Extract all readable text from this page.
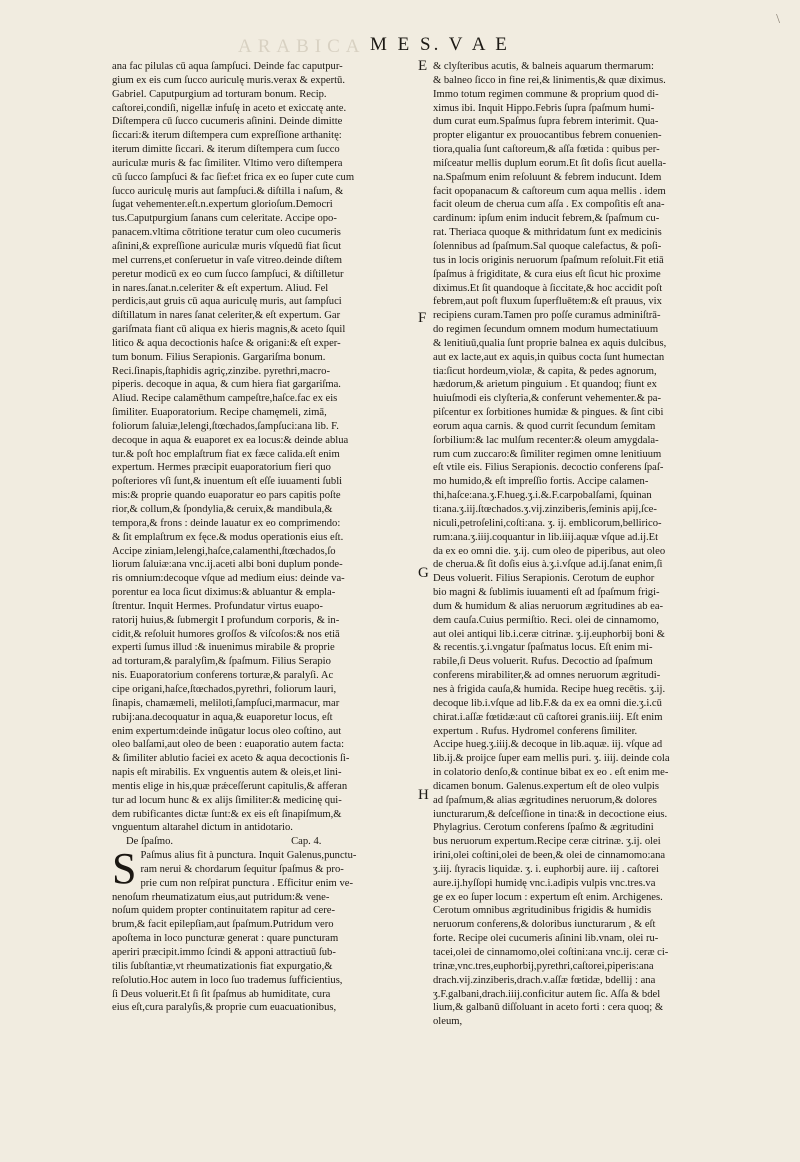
ARABICA M E S. V A E
\
ana fac pilulas cū aqua ſampſuci. Deinde fac caputpur-
gium ex eis cum ſucco auriculę muris.verax & expertū.
Gabriel. Caputpurgium ad torturam bonum. Recip.
caſtorei,condiſi, nigellæ infuſę in aceto et exiccatę ante.
Diſtempera cū ſucco cucumeris aſinini. Deinde dimitte
ſiccari:& iterum diſtempera cum expreſſione arthanitę:
iterum dimitte ſiccari. & iterum diſtempera cum ſucco
auriculæ muris & fac ſimiliter. Vltimo vero diſtempera
cū ſucco ſampſuci & fac ſief:et frica ex eo ſuper cute cum
ſucco auriculę muris aut ſampſuci.& diſtilla i naſum, &
ſugat vehementer.eſt.n.expertum glorioſum.Democri
tus.Caputpurgium ſanans cum celeritate. Accipe opo-
panacem.vltima cōtritione teratur cum oleo cucumeris
aſinini,& expreſſione auriculæ muris vſquedū fiat ſicut
mel currens,et conſeruetur in vaſe vitreo.deinde diſtem
peretur modicū ex eo cum ſucco ſampſuci, & diſtilletur
in nares.ſanat.n.celeriter & eſt expertum. Aliud. Fel
perdicis,aut gruis cū aqua auriculę muris, aut ſampſuci
diſtillatum in nares ſanat celeriter,& eſt expertum. Gar
gariſmata fiant cū aliqua ex hieris magnis,& aceto ſquil
litico & aqua decoctionis haſce & origani:& eſt exper-
tum bonum. Filius Serapionis. Gargariſma bonum.
Reci.ſinapis,ſtaphidis agriç,zinzibe. pyrethri,macro-
piperis. decoque in aqua, & cum hiera fiat gargariſma.
Aliud. Recipe calamēthum campeſtre,haſce.fac ex eis
ſimiliter. Euaporatorium. Recipe chamęmeli, zimā,
foliorum ſaluiæ,lelengi,ſtœchados,ſampſuci:ana lib. F.
decoque in aqua & euaporet ex ea locus:& deinde ablua
tur.& poſt hoc emplaſtrum fiat ex fæce calida.eſt enim
expertum. Hermes præcipit euaporatorium fieri quo
poſteriores vſi ſunt,& inuentum eſt eſſe iuuamenti ſubli
mis:& proprie quando euaporatur eo pars capitis poſte
rior,& collum,& ſpondylia,& ceruix,& mandibula,&
tempora,& frons : deinde lauatur ex eo comprimendo:
& ſit emplaſtrum ex fęce.& modus operationis eius eſt.
Accipe ziniam,lelengi,haſce,calamenthi,ſtœchados,ſo
liorum ſaluiæ:ana vnc.ij.aceti albi boni duplum ponde-
ris omnium:decoque vſque ad medium eius: deinde va-
porentur ea loca ſicut diximus:& abluantur & empla-
ſtrentur. Inquit Hermes. Profundatur virtus euapo-
ratorij huius,& ſubmergit I profundum corporis, & in-
cidit,& reſoluit humores groſſos & viſcoſos:& nos etiā
experti ſumus illud :& inuenimus mirabile & proprie
ad torturam,& paralyſim,& ſpaſmum. Filius Serapio
nis. Euaporatorium conferens torturæ,& paralyſi. Ac
cipe origani,haſce,ſtœchados,pyrethri, foliorum lauri,
ſinapis, chamæmeli, meliloti,ſampſuci,marmacur, mar
rubij:ana.decoquatur in aqua,& euaporetur locus, eſt
enim expertum:deinde inūgatur locus oleo coſtino, aut
oleo balſami,aut oleo de been : euaporatio autem facta:
& ſimiliter ablutio faciei ex aceto & aqua decoctionis ſi-
napis eſt mirabilis. Ex vnguentis autem & oleis,et lini-
mentis elige in his,quæ prǽceſſerunt capitulis,& afferan
tur ad locum hunc & ex alijs ſimiliter:& medicinę qui-
dem rubificantes dictæ ſunt:& ex eis eſt ſinapiſmum,&
vnguentum altarahel dictum in antidotario.
De ſpaſmo.	Cap. 4.
S Paſmus alius fit à punctura. Inquit Galenus,punctu-
ram nerui & chordarum ſequitur ſpaſmus & pro-
prie cum non reſpirat punctura . Efficitur enim ve-
nenoſum rheumatizatum eius,aut putridum:& vene-
noſum quidem propter continuitatem rapitur ad cere-
brum,& facit epilepſiam,aut ſpaſmum.Putridum vero
apoſtema in loco puncturæ generat : quare puncturam
aperiri præcipit.immo ſcindi & apponi attractiuū ſub-
tilis ſubſtantiæ,vt rheumatizationis fiat expurgatio,&
reſolutio.Hoc autem in loco ſuo trademus ſufficientius,
ſi Deus voluerit.Et ſi ſit ſpaſmus ab humiditate, cura
eius eſt,cura paralyſis,& proprie cum euacuationibus,
& clyſteribus acutis, & balneis aquarum thermarum:
& balneo ſicco in fine rei,& linimentis,& quæ diximus.
Immo totum regimen commune & proprium quod di-
ximus ibi. Inquit Hippo.Febris ſupra ſpaſmum humi-
dum curat eum.Spaſmus ſupra febrem interimit. Qua-
propter eligantur ex prouocantibus febrem conuenien-
tiora,qualia ſunt caſtoreum,& aſſa fœtida : quibus per-
miſceatur mellis duplum eorum.Et ſit doſis ſicut auella-
na.Spaſmum enim reſoluunt & febrem inducunt. Idem
facit opopanacum & caſtoreum cum aqua mellis . idem
facit oleum de cherua cum aſſa . Ex compoſitis eſt ana-
cardinum: ipſum enim inducit febrem,& ſpaſmum cu-
rat. Theriaca quoque & mithridatum ſunt ex medicinis
ſolennibus ad ſpaſmum.Sal quoque calefactus, & poſi-
tus in locis originis neruorum ſpaſmum reſoluit.Fit etiā
ſpaſmus à frigiditate, & cura eius eſt ſicut hic proxime
diximus.Et ſit quandoque à ſiccitate,& hoc accidit poſt
febrem,aut poſt fluxum ſuperfluētem:& eſt prauus, vix
recipiens curam.Tamen pro poſſe curamus adminiſtrā-
do regimen ſecundum omnem modum humectatiuum
& lenitiuū,qualia ſunt proprie balnea ex aquis dulcibus,
aut ex lacte,aut ex aquis,in quibus cocta ſunt humectan
tia:ſicut hordeum,violæ, & capita, & pedes agnorum,
hædorum,& arietum pinguium . Et quandoq; fiunt ex
huiuſmodi eis clyſteria,& conferunt vehementer.& pa-
piſcentur ex ſorbitiones humidæ & pingues. & ſint cibi
eorum aqua carnis. & quod currit ſecundum ſemitam
ſorbilium:& lac mulſum recenter:& oleum amygdala-
rum cum zuccaro:& ſimiliter regimen omne lenitiuum
eſt vtile eis. Filius Serapionis. decoctio conferens ſpaſ-
mo humido,& eſt impreſſio fortis. Accipe calamen-
thi,haſce:ana.ʒ.F.hueg.ʒ.i.&.F.carpobalſami, ſquinan
ti:ana.ʒ.iij.ſtœchados.ʒ.vij.zinziberis,ſeminis apij,ſce-
niculi,petroſelini,coſti:ana. ʒ. ij. emblicorum,bellirico-
rum:ana.ʒ.iiij.coquantur in lib.iiij.aquæ vſque ad.ij.Et
da ex eo omni die. ʒ.ij. cum oleo de piperibus, aut oleo
de cherua.& ſit doſis eius à.ʒ.i.vſque ad.ij.ſanat enim,ſi
Deus voluerit. Filius Serapionis. Cerotum de euphor
bio magni & ſublimis iuuamenti eſt ad ſpaſmum frigi-
dum & humidum & alias neruorum ægritudines ab ea-
dem cauſa.Cuius permiſtio. Reci. olei de cinnamomo,
aut olei antiqui lib.i.ceræ citrinæ. ʒ.ij.euphorbij boni &
& recentis.ʒ.i.vngatur ſpaſmatus locus. Eſt enim mi-
rabile,ſi Deus voluerit. Rufus. Decoctio ad ſpaſmum
conferens mirabiliter,& ad omnes neruorum ægritudi-
nes à frigida cauſa,& humida. Recipe hueg recētis. ʒ.ij.
decoque lib.i.vſque ad lib.F.& da ex ea omni die.ʒ.i.cū
chirat.i.aſſæ fœtidæ:aut cū caſtorei granis.iiij. Eſt enim
expertum . Rufus. Hydromel conferens ſimiliter.
Accipe hueg.ʒ.iiij.& decoque in lib.aquæ. iij. vſque ad
lib.ij.& proijce ſuper eam mellis puri. ʒ. iiij. deinde cola
in colatorio denſo,& continue bibat ex eo . eſt enim me-
dicamen bonum. Galenus.expertum eſt de oleo vulpis
ad ſpaſmum,& alias ægritudines neruorum,& dolores
iuncturarum,& deſceſſione in tina:& in decoctione eius.
Phylagrius. Cerotum conferens ſpaſmo & ægritudini
bus neruorum expertum.Recipe ceræ citrinæ. ʒ.ij. olei
irini,olei coſtini,olei de been,& olei de cinnamomo:ana
ʒ.iij. ſtyracis liquidæ. ʒ. i. euphorbij aure. iij . caſtorei
aure.ij.hyſſopi humidę vnc.i.adipis vulpis vnc.tres.va
ge ex eo ſuper locum : expertum eſt enim. Archigenes.
Cerotum omnibus ægritudinibus frigidis & humidis
neruorum conferens,& doloribus iuncturarum , & eſt
forte. Recipe olei cucumeris aſinini lib.vnam, olei ru-
tacei,olei de cinnamomo,olei coſtini:ana vnc.ij. ceræ ci-
trinæ,vnc.tres,euphorbij,pyrethri,caſtorei,piperis:ana
drach.vij.zinziberis,drach.v.aſſæ fœtidæ, bdellij : ana
ʒ.F.galbani,drach.iiij.conficitur autem ſic. Aſſa & bdel
lium,& galbanū diſſoluant in aceto forti : cera quoq; &
oleum,
E
F
G
H
